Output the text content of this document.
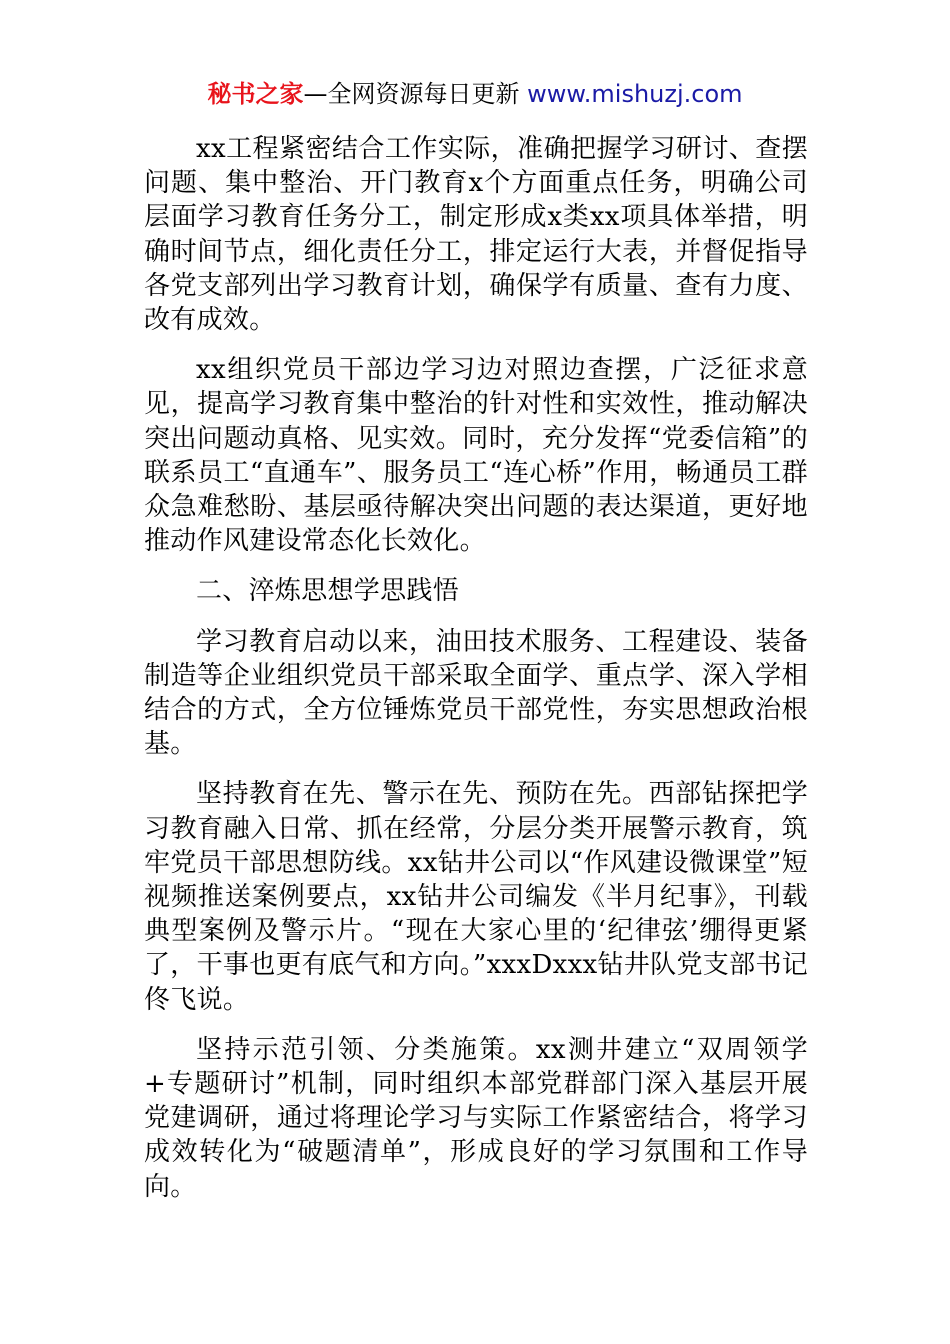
秘书之家—全网资源每日更新 www.mishuzj.com

xx工程紧密结合工作实际，准确把握学习研讨、查摆问题、集中整治、开门教育x个方面重点任务，明确公司层面学习教育任务分工，制定形成x类xx项具体举措，明确时间节点，细化责任分工，排定运行大表，并督促指导各党支部列出学习教育计划，确保学有质量、查有力度、改有成效。

xx组织党员干部边学习边对照边查摆，广泛征求意见，提高学习教育集中整治的针对性和实效性，推动解决突出问题动真格、见实效。同时，充分发挥“党委信箱”的联系员工“直通车”、服务员工“连心桥”作用，畅通员工群众急难愁盼、基层亟待解决突出问题的表达渠道，更好地推动作风建设常态化长效化。

二、淬炼思想学思践悟

学习教育启动以来，油田技术服务、工程建设、装备制造等企业组织党员干部采取全面学、重点学、深入学相结合的方式，全方位锤炼党员干部党性，夯实思想政治根基。

坚持教育在先、警示在先、预防在先。西部钻探把学习教育融入日常、抓在经常，分层分类开展警示教育，筑牢党员干部思想防线。xx钻井公司以“作风建设微课堂”短视频推送案例要点，xx钻井公司编发《半月纪事》，刊载典型案例及警示片。“现在大家心里的‘纪律弦’绷得更紧了，干事也更有底气和方向。”xxxDxxx钻井队党支部书记佟飞说。

坚持示范引领、分类施策。xx测井建立“双周领学+专题研讨”机制，同时组织本部党群部门深入基层开展党建调研，通过将理论学习与实际工作紧密结合，将学习成效转化为“破题清单”，形成良好的学习氛围和工作导向。
